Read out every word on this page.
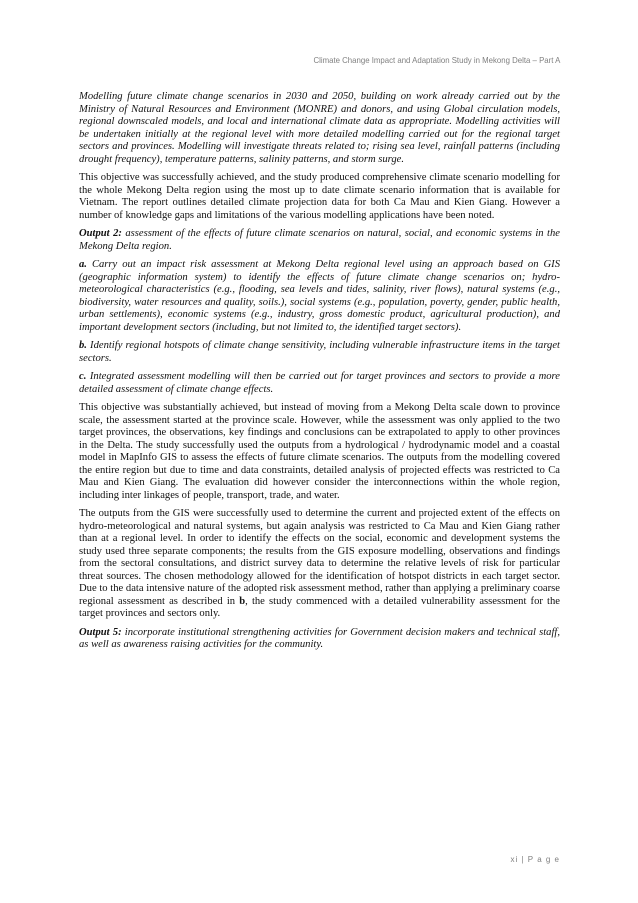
Climate Change Impact and Adaptation Study in Mekong Delta – Part A

Modelling future climate change scenarios in 2030 and 2050, building on work already carried out by the Ministry of Natural Resources and Environment (MONRE) and donors, and using Global circulation models, regional downscaled models, and local and international climate data as appropriate. Modelling activities will be undertaken initially at the regional level with more detailed modelling carried out for the regional target sectors and provinces. Modelling will investigate threats related to; rising sea level, rainfall patterns (including drought frequency), temperature patterns, salinity patterns, and storm surge.

This objective was successfully achieved, and the study produced comprehensive climate scenario modelling for the whole Mekong Delta region using the most up to date climate scenario information that is available for Vietnam. The report outlines detailed climate projection data for both Ca Mau and Kien Giang. However a number of knowledge gaps and limitations of the various modelling applications have been noted.

Output 2: assessment of the effects of future climate scenarios on natural, social, and economic systems in the Mekong Delta region.

a. Carry out an impact risk assessment at Mekong Delta regional level using an approach based on GIS (geographic information system) to identify the effects of future climate change scenarios on; hydro-meteorological characteristics (e.g., flooding, sea levels and tides, salinity, river flows), natural systems (e.g., biodiversity, water resources and quality, soils.), social systems (e.g., population, poverty, gender, public health, urban settlements), economic systems (e.g., industry, gross domestic product, agricultural production), and important development sectors (including, but not limited to, the identified target sectors).

b. Identify regional hotspots of climate change sensitivity, including vulnerable infrastructure items in the target sectors.

c. Integrated assessment modelling will then be carried out for target provinces and sectors to provide a more detailed assessment of climate change effects.

This objective was substantially achieved, but instead of moving from a Mekong Delta scale down to province scale, the assessment started at the province scale. However, while the assessment was only applied to the two target provinces, the observations, key findings and conclusions can be extrapolated to apply to other provinces in the Delta. The study successfully used the outputs from a hydrological / hydrodynamic model and a coastal model in MapInfo GIS to assess the effects of future climate scenarios. The outputs from the modelling covered the entire region but due to time and data constraints, detailed analysis of projected effects was restricted to Ca Mau and Kien Giang. The evaluation did however consider the interconnections within the whole region, including inter linkages of people, transport, trade, and water.

The outputs from the GIS were successfully used to determine the current and projected extent of the effects on hydro-meteorological and natural systems, but again analysis was restricted to Ca Mau and Kien Giang rather than at a regional level. In order to identify the effects on the social, economic and development systems the study used three separate components; the results from the GIS exposure modelling, observations and findings from the sectoral consultations, and district survey data to determine the relative levels of risk for particular threat sources. The chosen methodology allowed for the identification of hotspot districts in each target sector. Due to the data intensive nature of the adopted risk assessment method, rather than applying a preliminary coarse regional assessment as described in b, the study commenced with a detailed vulnerability assessment for the target provinces and sectors only.

Output 5: incorporate institutional strengthening activities for Government decision makers and technical staff, as well as awareness raising activities for the community.

xi | P a g e
